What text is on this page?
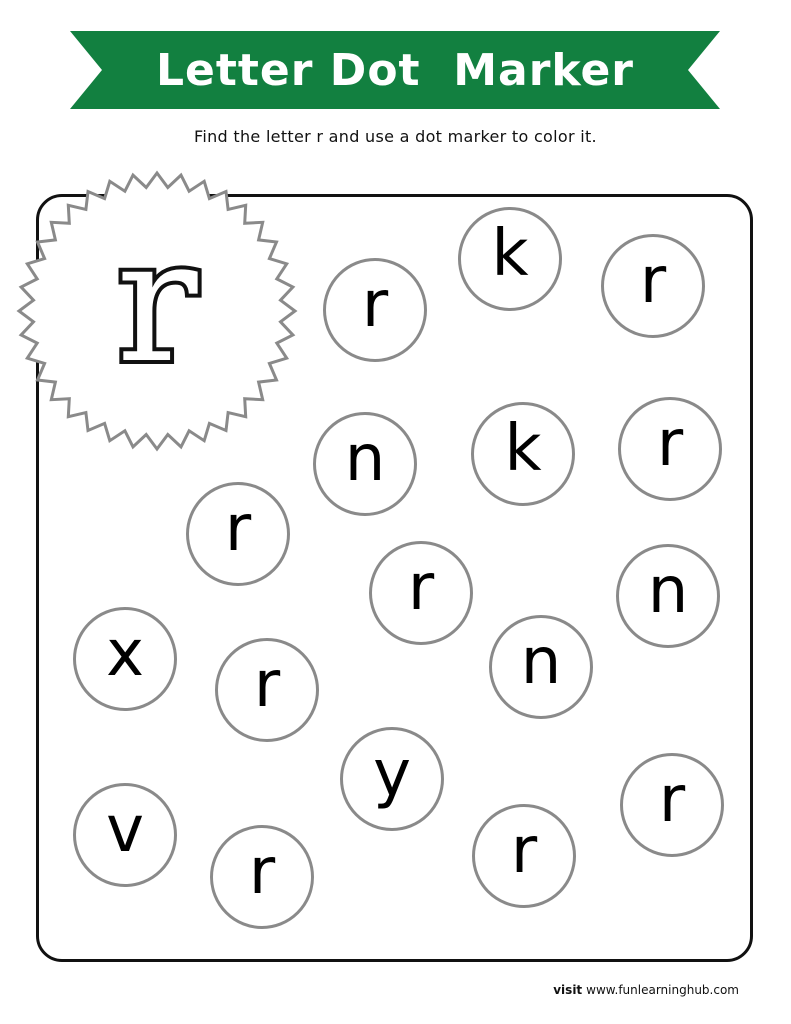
Letter Dot  Marker
Find the letter r and use a dot marker to color it.
r	r
k r
n k r
r
r	n
x r	n
y	r
v
r	r
visit www.funlearninghub.com
